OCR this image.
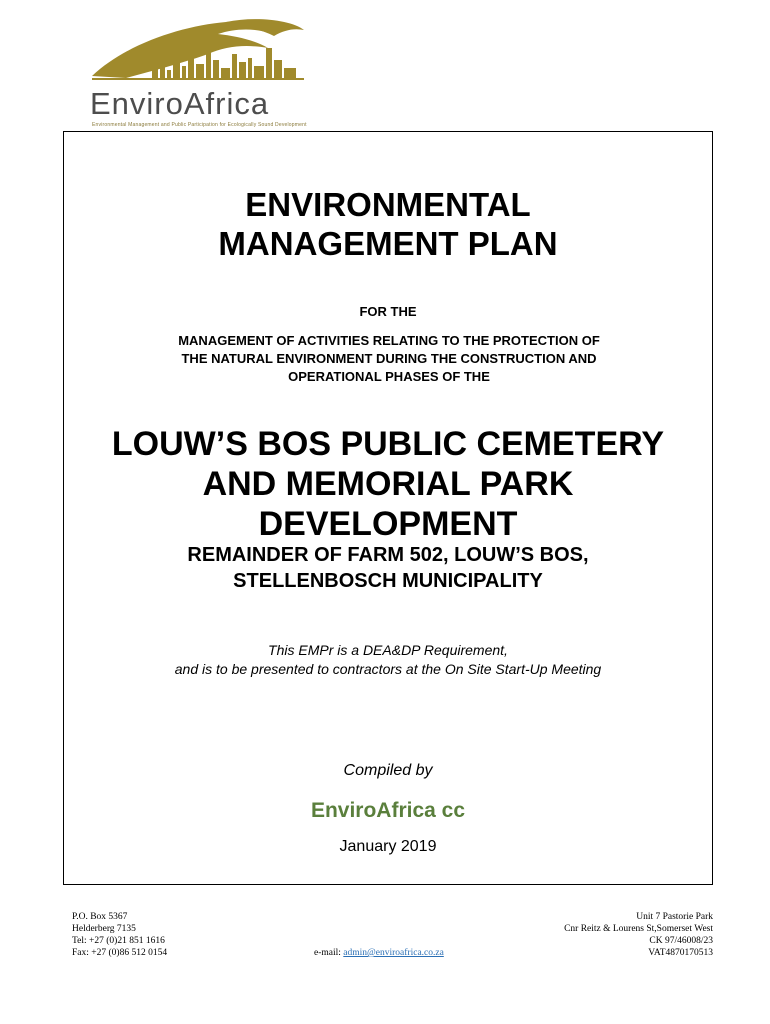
EnviroAfrica
Environmental Management and Public Participation for Ecologically Sound Development
ENVIRONMENTAL
MANAGEMENT PLAN
FOR THE
MANAGEMENT OF ACTIVITIES RELATING TO THE PROTECTION OF
THE NATURAL ENVIRONMENT DURING THE CONSTRUCTION AND
OPERATIONAL PHASES OF THE
LOUW’S BOS PUBLIC CEMETERY
AND MEMORIAL PARK
DEVELOPMENT
REMAINDER OF FARM 502, LOUW’S BOS,
STELLENBOSCH MUNICIPALITY
This EMPr is a DEA&DP Requirement,
and is to be presented to contractors at the On Site Start-Up Meeting
Compiled by
EnviroAfrica cc
January 2019
P.O. Box 5367
Helderberg 7135
Tel: +27 (0)21 851 1616
Fax: +27 (0)86 512 0154	e-mail: admin@enviroafrica.co.za
Unit 7 Pastorie Park
Cnr Reitz & Lourens St,Somerset West
CK 97/46008/23
VAT4870170513
